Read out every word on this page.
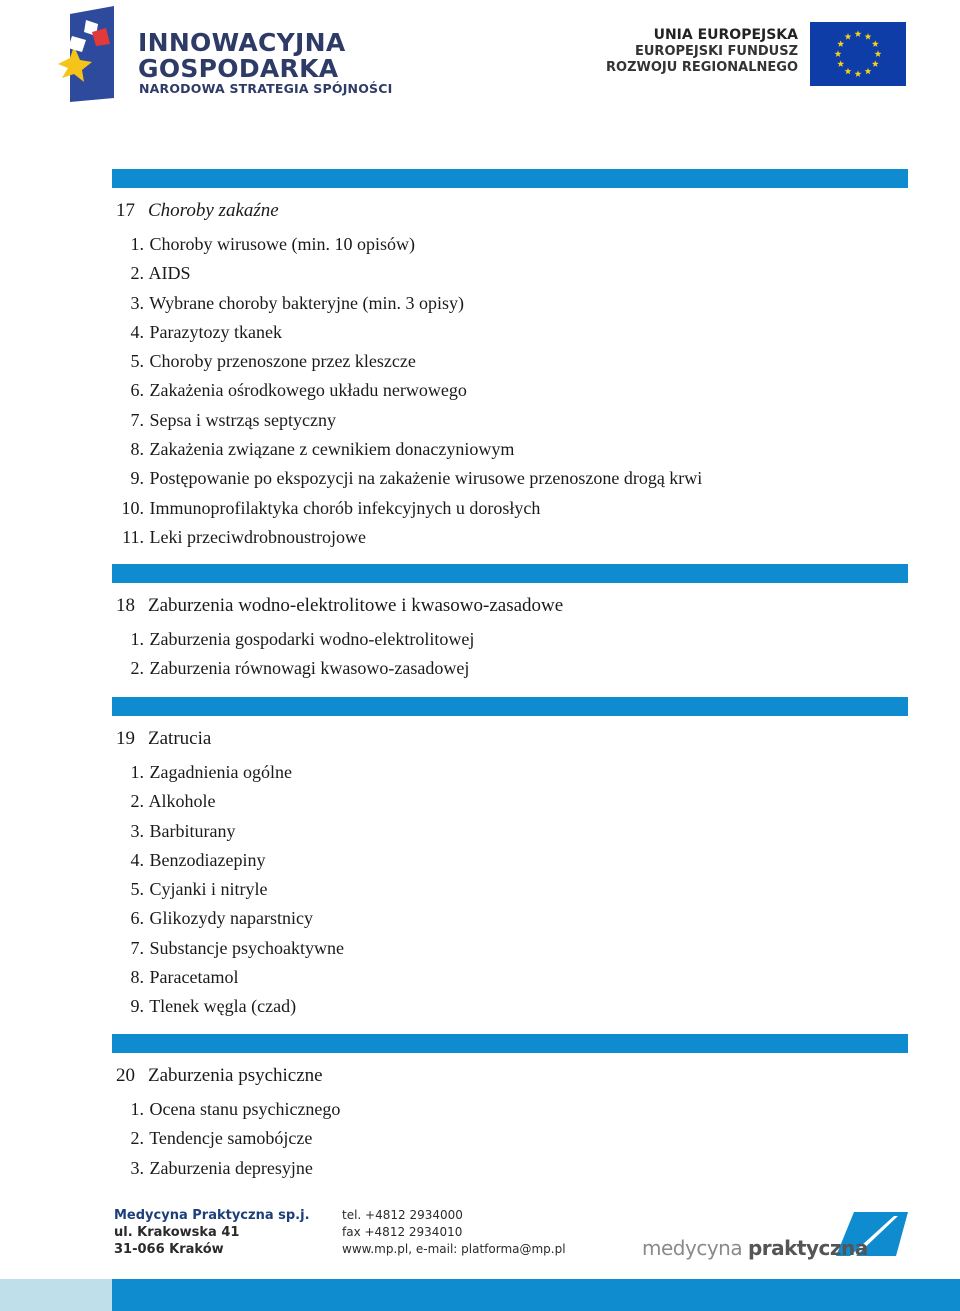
INNOWACYJNA
GOSPODARKA
NARODOWA STRATEGIA SPÓJNOŚCI
UNIA EUROPEJSKA
EUROPEJSKI FUNDUSZ
ROZWOJU REGIONALNEGO
17 Choroby zakaźne
1. Choroby wirusowe (min. 10 opisów)
2. AIDS
3. Wybrane choroby bakteryjne (min. 3 opisy)
4. Parazytozy tkanek
5. Choroby przenoszone przez kleszcze
6. Zakażenia ośrodkowego układu nerwowego
7. Sepsa i wstrząs septyczny
8. Zakażenia związane z cewnikiem donaczyniowym
9. Postępowanie po ekspozycji na zakażenie wirusowe przenoszone drogą krwi
10. Immunoprofilaktyka chorób infekcyjnych u dorosłych
11. Leki przeciwdrobnoustrojowe
18 Zaburzenia wodno-elektrolitowe i kwasowo-zasadowe
1. Zaburzenia gospodarki wodno-elektrolitowej
2. Zaburzenia równowagi kwasowo-zasadowej
19 Zatrucia
1. Zagadnienia ogólne
2. Alkohole
3. Barbiturany
4. Benzodiazepiny
5. Cyjanki i nitryle
6. Glikozydy naparstnicy
7. Substancje psychoaktywne
8. Paracetamol
9. Tlenek węgla (czad)
20 Zaburzenia psychiczne
1. Ocena stanu psychicznego
2. Tendencje samobójcze
3. Zaburzenia depresyjne
Medycyna Praktyczna sp.j.
ul. Krakowska 41
31-066 Kraków
tel. +4812 2934000
fax +4812 2934010
www.mp.pl, e-mail: platforma@mp.pl	medycyna praktyczna
